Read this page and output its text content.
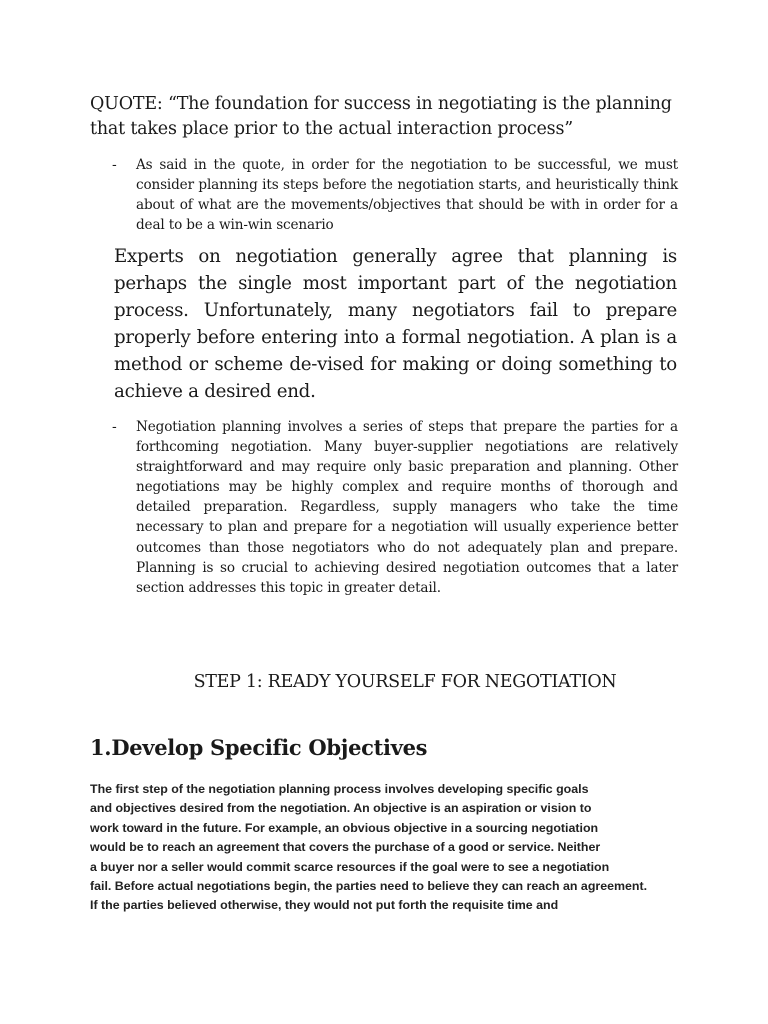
QUOTE: “The foundation for success in negotiating is the planning that takes place prior to the actual interaction process”

-	As said in the quote, in order for the negotiation to be successful, we must consider planning its steps before the negotiation starts, and heuristically think about of what are the movements/objectives that should be with in order for a deal to be a win-win scenario

Experts on negotiation generally agree that planning is perhaps the single most important part of the negotiation process. Unfortunately, many negotiators fail to prepare properly before entering into a formal negotiation. A plan is a method or scheme de-vised for making or doing something to achieve a desired end.

-	Negotiation planning involves a series of steps that prepare the parties for a forthcoming negotiation. Many buyer-supplier negotiations are relatively straightforward and may require only basic preparation and planning. Other negotiations may be highly complex and require months of thorough and detailed preparation. Regardless, supply managers who take the time necessary to plan and prepare for a negotiation will usually experience better outcomes than those negotiators who do not adequately plan and prepare. Planning is so crucial to achieving desired negotiation outcomes that a later section addresses this topic in greater detail.
STEP 1: READY YOURSELF FOR NEGOTIATION
1.Develop Specific Objectives
The first step of the negotiation planning process involves developing specific goals
and objectives desired from the negotiation. An objective is an aspiration or vision to
work toward in the future. For example, an obvious objective in a sourcing negotiation
would be to reach an agreement that covers the purchase of a good or service. Neither
a buyer nor a seller would commit scarce resources if the goal were to see a negotiation
fail. Before actual negotiations begin, the parties need to believe they can reach an agreement.
If the parties believed otherwise, they would not put forth the requisite time and
